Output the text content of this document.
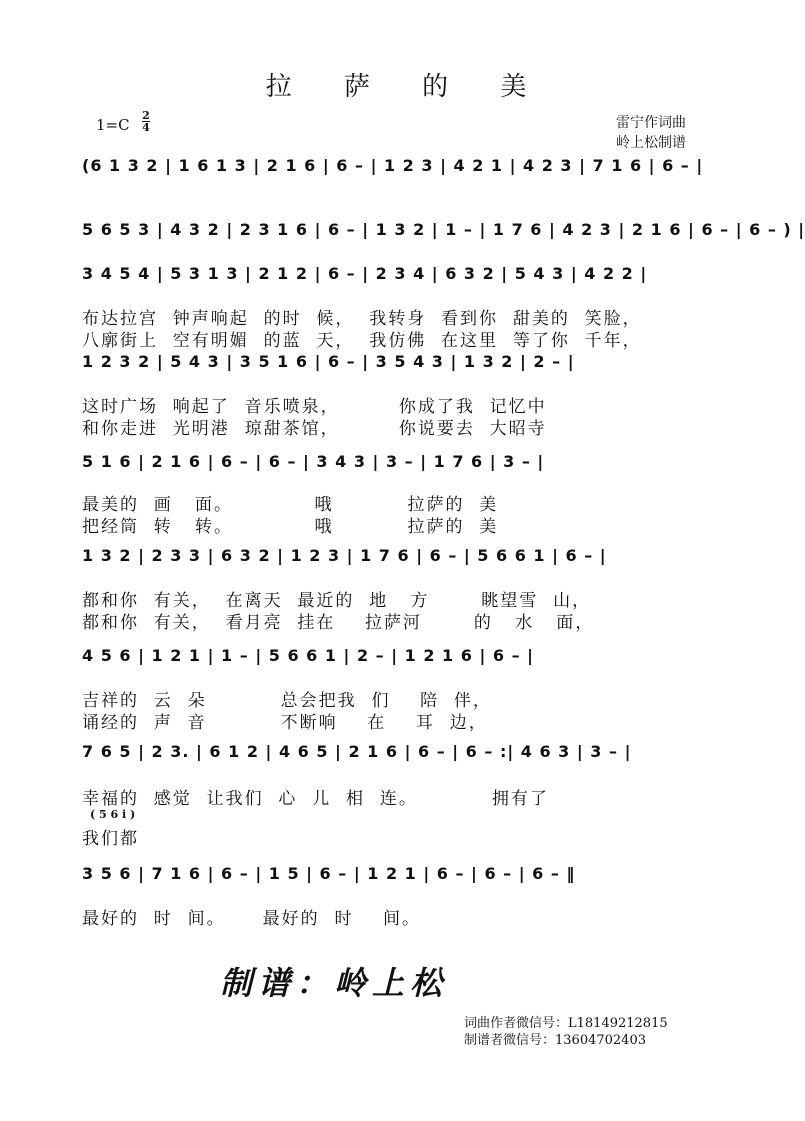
拉 萨 的 美
1=C
2
4	雷宁作词曲
岭上松制谱
(6 1 3 2 | 1 6 1 3 | 2 1 6 | 6 – | 1 2 3 | 4 2 1 | 4 2 3 | 7 1 6 | 6 – |
5 6 5 3 | 4 3 2 | 2 3 1 6 | 6 – | 1 3 2 | 1 – | 1 7 6 | 4 2 3 | 2 1 6 | 6 – | 6 – ) |
3 4 5 4 | 5 3 1 3 | 2 1 2 | 6 – | 2 3 4 | 6 3 2 | 5 4 3 | 4 2 2 |
1 2 3 2 | 5 4 3 | 3 5 1 6 | 6 – | 3 5 4 3 | 1 3 2 | 2 – |
5 1 6 | 2 1 6 | 6 – | 6 – | 3 4 3 | 3 – | 1 7 6 | 3 – |
1 3 2 | 2 3 3 | 6 3 2 | 1 2 3 | 1 7 6 | 6 – | 5 6 6 1 | 6 – |
4 5 6 | 1 2 1 | 1 – | 5 6 6 1 | 2 – | 1 2 1 6 | 6 – |
7 6 5 | 2 3. | 6 1 2 | 4 6 5 | 2 1 6 | 6 – | 6 – :| 4 6 3 | 3 – |
3 5 6 | 7 1 6 | 6 – | 1 5 | 6 – | 1 2 1 | 6 – | 6 – | 6 – ‖
布达拉宫  钟声响起  的时  候，  我转身  看到你  甜美的  笑脸，
八廓街上  空有明媚  的蓝  天，  我仿佛  在这里  等了你  千年，
这时广场  响起了  音乐喷泉，        你成了我  记忆中
和你走进  光明港  琼甜茶馆，        你说要去  大昭寺
最美的  画   面。           哦          拉萨的  美
把经筒  转   转。           哦          拉萨的  美
都和你  有关，  在离天  最近的  地   方       眺望雪  山，
都和你  有关，  看月亮  挂在    拉萨河       的   水   面，
吉祥的  云  朵          总会把我  们    陪  伴，
诵经的  声  音          不断响    在    耳  边，
幸福的  感觉  让我们  心  儿  相  连。          拥有了
( 5 6 i )
我们都
最好的  时  间。     最好的  时    间。
制谱：岭上松
词曲作者微信号：L18149212815
制谱者微信号：13604702403
